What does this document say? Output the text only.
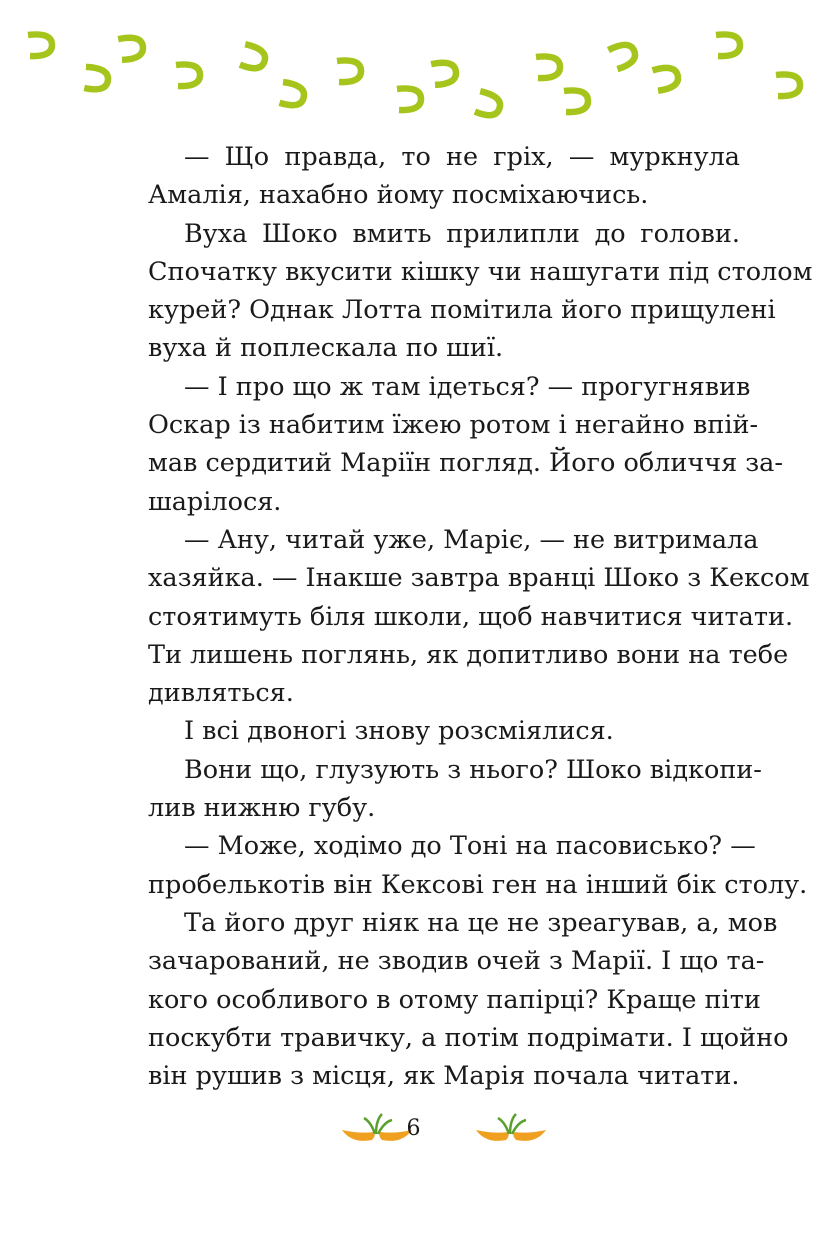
— Що правда, то не гріх, — муркнула
Амалія, нахабно йому посміхаючись.

Вуха Шоко вмить прилипли до голови.
Спочатку вкусити кішку чи нашугати під столом
курей? Однак Лотта помітила його прищулені
вуха й поплескала по шиї.

— І про що ж там ідеться? — прогугнявив
Оскар із набитим їжею ротом і негайно впій-
мав сердитий Маріїн погляд. Його обличчя за-
шарілося.

— Ану, читай уже, Маріє, — не витримала
хазяйка. — Інакше завтра вранці Шоко з Кексом
стоятимуть біля школи, щоб навчитися читати.
Ти лишень поглянь, як допитливо вони на тебе
дивляться.

І всі двоногі знову розсміялися.

Вони що, глузують з нього? Шоко відкопи-
лив нижню губу.

— Може, ходімо до Тоні на пасовисько? —
пробелькотів він Кексові ген на інший бік столу.

Та його друг ніяк на це не зреагував, а, мов
зачарований, не зводив очей з Марії. І що та-
кого особливого в отому папірці? Краще піти
поскубти травичку, а потім подрімати. І щойно
він рушив з місця, як Марія почала читати.

6
